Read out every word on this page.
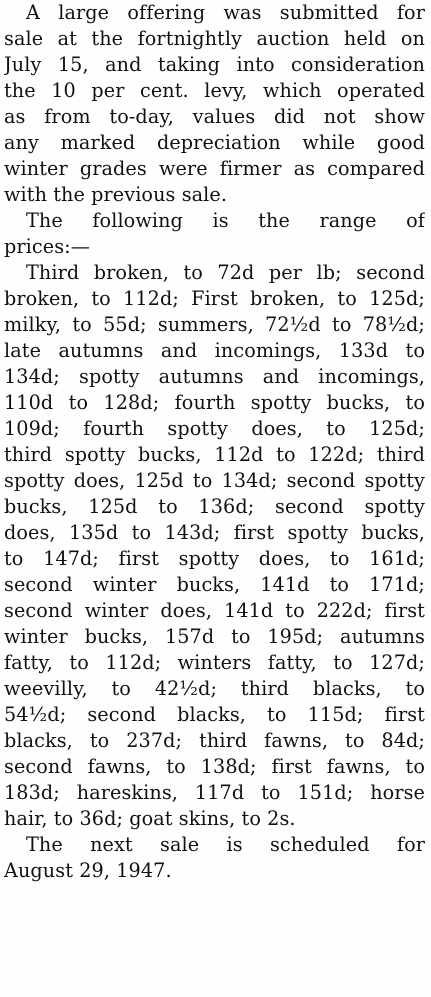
A large offering was submitted for
sale at the fortnightly auction held on
July 15, and taking into consideration
the 10 per cent. levy, which operated
as from to-day, values did not show
any marked depreciation while good
winter grades were firmer as compared
with the previous sale.
The following is the range of
prices:—
Third broken, to 72d per lb; second
broken, to 112d; First broken, to 125d;
milky, to 55d; summers, 72½d to 78½d;
late autumns and incomings, 133d to
134d; spotty autumns and incomings,
110d to 128d; fourth spotty bucks, to
109d; fourth spotty does, to 125d;
third spotty bucks, 112d to 122d; third
spotty does, 125d to 134d; second spotty
bucks, 125d to 136d; second spotty
does, 135d to 143d; first spotty bucks,
to 147d; first spotty does, to 161d;
second winter bucks, 141d to 171d;
second winter does, 141d to 222d; first
winter bucks, 157d to 195d; autumns
fatty, to 112d; winters fatty, to 127d;
weevilly, to 42½d; third blacks, to
54½d; second blacks, to 115d; first
blacks, to 237d; third fawns, to 84d;
second fawns, to 138d; first fawns, to
183d; hareskins, 117d to 151d; horse
hair, to 36d; goat skins, to 2s.
The next sale is scheduled for
August 29, 1947.
